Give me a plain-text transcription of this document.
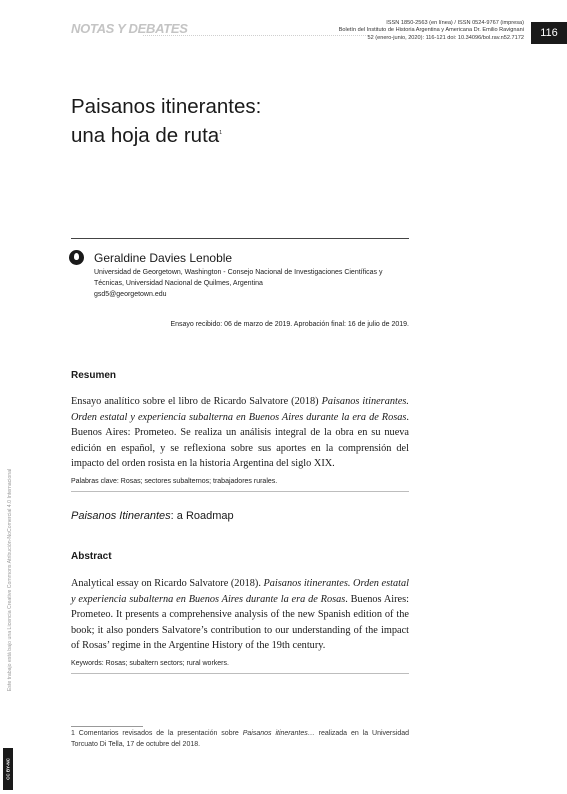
NOTAS Y DEBATES	ISSN 1850-2563 (en línea) / ISSN 0524-9767 (impresa)
Boletín del Instituto de Historia Argentina y Americana Dr. Emilio Ravignani
52 (enero-junio, 2020): 116-121 doi: 10.34096/bol.rav.n52.7172	116
Paisanos itinerantes:
una hoja de ruta$^1$
Geraldine Davies Lenoble
Universidad de Georgetown, Washington - Consejo Nacional de Investigaciones Científicas y
Técnicas, Universidad Nacional de Quilmes, Argentina
gsd5@georgetown.edu
Ensayo recibido: 06 de marzo de 2019. Aprobación final: 16 de julio de 2019.
Resumen
Ensayo analítico sobre el libro de Ricardo Salvatore (2018) Paisanos itinerantes. Orden estatal y experiencia subalterna en Buenos Aires durante la era de Rosas. Buenos Aires: Prometeo. Se realiza un análisis integral de la obra en su nueva edición en español, y se reflexiona sobre sus aportes en la comprensión del impacto del orden rosista en la historia Argentina del siglo XIX.
Palabras clave: Rosas; sectores subalternos; trabajadores rurales.
Paisanos Itinerantes: a Roadmap
Abstract
Analytical essay on Ricardo Salvatore (2018). Paisanos itinerantes. Orden estatal y experiencia subalterna en Buenos Aires durante la era de Rosas. Buenos Aires: Prometeo. It presents a comprehensive analysis of the new Spanish edition of the book; it also ponders Salvatore’s contribution to our understanding of the impact of Rosas’ regime in the Argentine History of the 19th century.
Keywords: Rosas; subaltern sectors; rural workers.
1 Comentarios revisados de la presentación sobre Paisanos itinerantes… realizada en la Universidad Torcuato Di Tella, 17 de octubre del 2018.
Este trabajo está bajo una Licencia Creative Commons Atribución-NoComercial 4.0 Internacional
CC BY-NC
